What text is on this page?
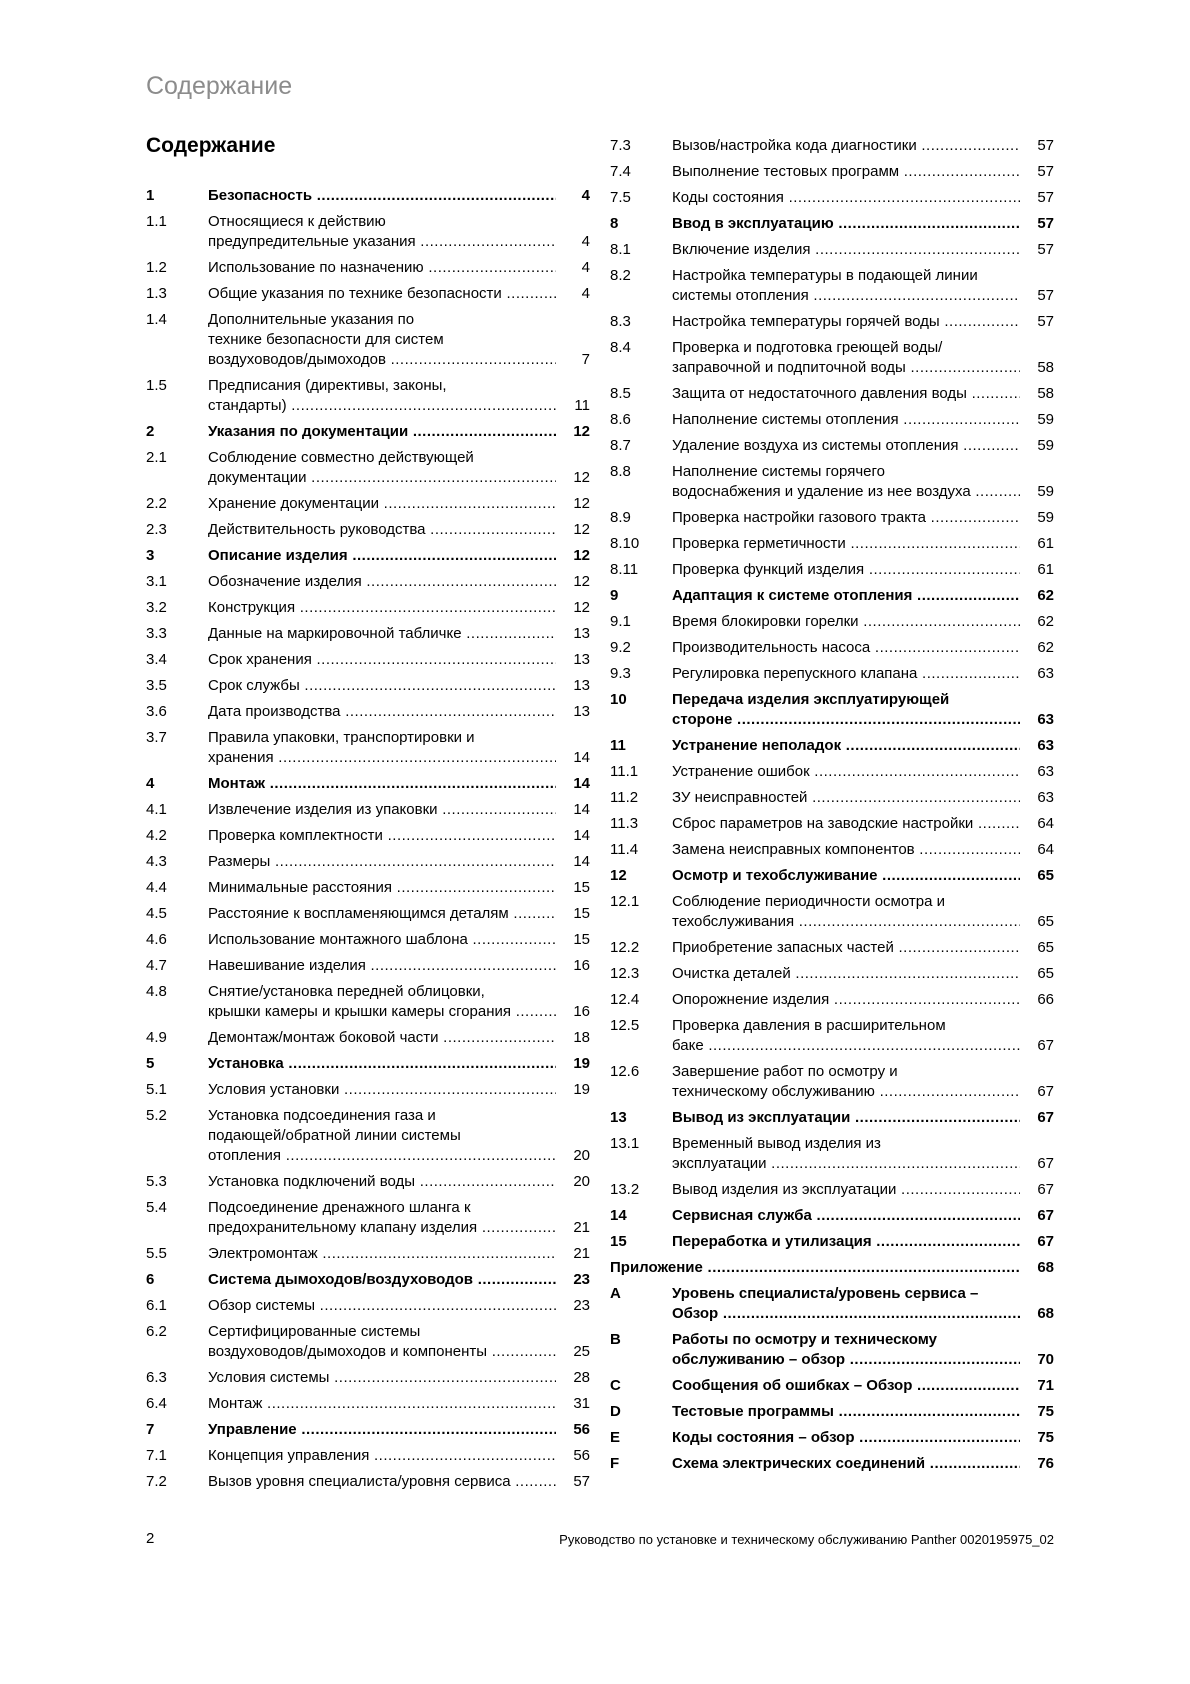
Содержание
Содержание
1	Безопасность .....	4
1.1	Относящиеся к действию
предупредительные указания .....	4
1.2	Использование по назначению .....	4
1.3	Общие указания по технике безопасности .....	4
1.4	Дополнительные указания по
технике безопасности для систем
воздуховодов/дымоходов .....	7
1.5	Предписания (директивы, законы,
стандарты) .....	11
2	Указания по документации .....	12
2.1	Соблюдение совместно действующей
документации .....	12
2.2	Хранение документации .....	12
2.3	Действительность руководства .....	12
3	Описание изделия .....	12
3.1	Обозначение изделия .....	12
3.2	Конструкция .....	12
3.3	Данные на маркировочной табличке .....	13
3.4	Срок хранения .....	13
3.5	Срок службы .....	13
3.6	Дата производства .....	13
3.7	Правила упаковки, транспортировки и
хранения .....	14
4	Монтаж .....	14
4.1	Извлечение изделия из упаковки .....	14
4.2	Проверка комплектности .....	14
4.3	Размеры .....	14
4.4	Минимальные расстояния .....	15
4.5	Расстояние к воспламеняющимся деталям .....	15
4.6	Использование монтажного шаблона .....	15
4.7	Навешивание изделия .....	16
4.8	Снятие/установка передней облицовки,
крышки камеры и крышки камеры сгорания .....	16
4.9	Демонтаж/монтаж боковой части .....	18
5	Установка .....	19
5.1	Условия установки .....	19
5.2	Установка подсоединения газа и
подающей/обратной линии системы
отопления .....	20
5.3	Установка подключений воды .....	20
5.4	Подсоединение дренажного шланга к
предохранительному клапану изделия .....	21
5.5	Электромонтаж .....	21
6	Система дымоходов/воздуховодов .....	23
6.1	Обзор системы .....	23
6.2	Сертифицированные системы
воздуховодов/дымоходов и компоненты .....	25
6.3	Условия системы .....	28
6.4	Монтаж .....	31
7	Управление .....	56
7.1	Концепция управления .....	56
7.2	Вызов уровня специалиста/уровня сервиса .....	57
7.3	Вызов/настройка кода диагностики .....	57
7.4	Выполнение тестовых программ .....	57
7.5	Коды состояния .....	57
8	Ввод в эксплуатацию .....	57
8.1	Включение изделия .....	57
8.2	Настройка температуры в подающей линии
системы отопления .....	57
8.3	Настройка температуры горячей воды .....	57
8.4	Проверка и подготовка греющей воды/
заправочной и подпиточной воды .....	58
8.5	Защита от недостаточного давления воды .....	58
8.6	Наполнение системы отопления .....	59
8.7	Удаление воздуха из системы отопления .....	59
8.8	Наполнение системы горячего
водоснабжения и удаление из нее воздуха .....	59
8.9	Проверка настройки газового тракта .....	59
8.10	Проверка герметичности .....	61
8.11	Проверка функций изделия .....	61
9	Адаптация к системе отопления .....	62
9.1	Время блокировки горелки .....	62
9.2	Производительность насоса .....	62
9.3	Регулировка перепускного клапана .....	63
10	Передача изделия эксплуатирующей
стороне .....	63
11	Устранение неполадок .....	63
11.1	Устранение ошибок .....	63
11.2	ЗУ неисправностей .....	63
11.3	Сброс параметров на заводские настройки .....	64
11.4	Замена неисправных компонентов .....	64
12	Осмотр и техобслуживание .....	65
12.1	Соблюдение периодичности осмотра и
техобслуживания .....	65
12.2	Приобретение запасных частей .....	65
12.3	Очистка деталей .....	65
12.4	Опорожнение изделия .....	66
12.5	Проверка давления в расширительном
баке .....	67
12.6	Завершение работ по осмотру и
техническому обслуживанию .....	67
13	Вывод из эксплуатации .....	67
13.1	Временный вывод изделия из
эксплуатации .....	67
13.2	Вывод изделия из эксплуатации .....	67
14	Сервисная служба .....	67
15	Переработка и утилизация .....	67
Приложение .....	68
A	Уровень специалиста/уровень сервиса –
Обзор .....	68
B	Работы по осмотру и техническому
обслуживанию – обзор .....	70
C	Сообщения об ошибках – Обзор .....	71
D	Тестовые программы .....	75
E	Коды состояния – обзор .....	75
F	Схема электрических соединений .....	76
2	Руководство по установке и техническому обслуживанию Panther 0020195975_02
